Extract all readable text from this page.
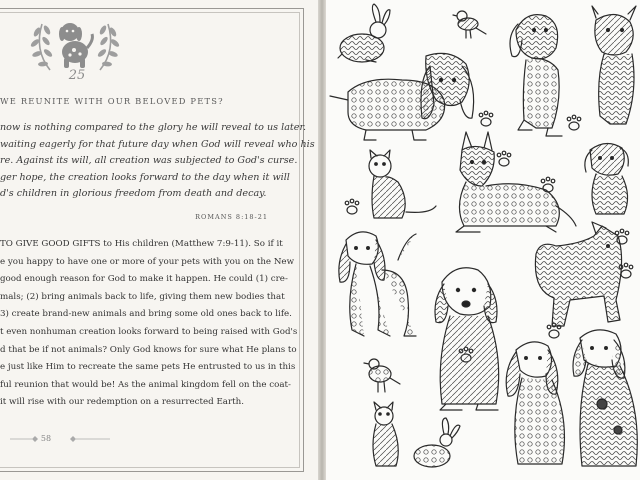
25
WE REUNITE WITH OUR BELOVED PETS?
now is nothing compared to the glory he will reveal to us later.
waiting eagerly for that future day when God will reveal who his
re. Against its will, all creation was subjected to God's curse.
ger hope, the creation looks forward to the day when it will
d's children in glorious freedom from death and decay.
ROMANS 8:18-21
TO GIVE GOOD GIFTS to His children (Matthew 7:9-11). So if it
e you happy to have one or more of your pets with you on the New
good enough reason for God to make it happen. He could (1) cre-
mals; (2) bring animals back to life, giving them new bodies that
3) create brand-new animals and bring some old ones back to life.
t even nonhuman creation looks forward to being raised with God's
d that be if not animals? Only God knows for sure what He plans to
e just like Him to recreate the same pets He entrusted to us in this
ful reunion that would be! As the animal kingdom fell on the coat-
it will rise with our redemption on a resurrected Earth.
58
